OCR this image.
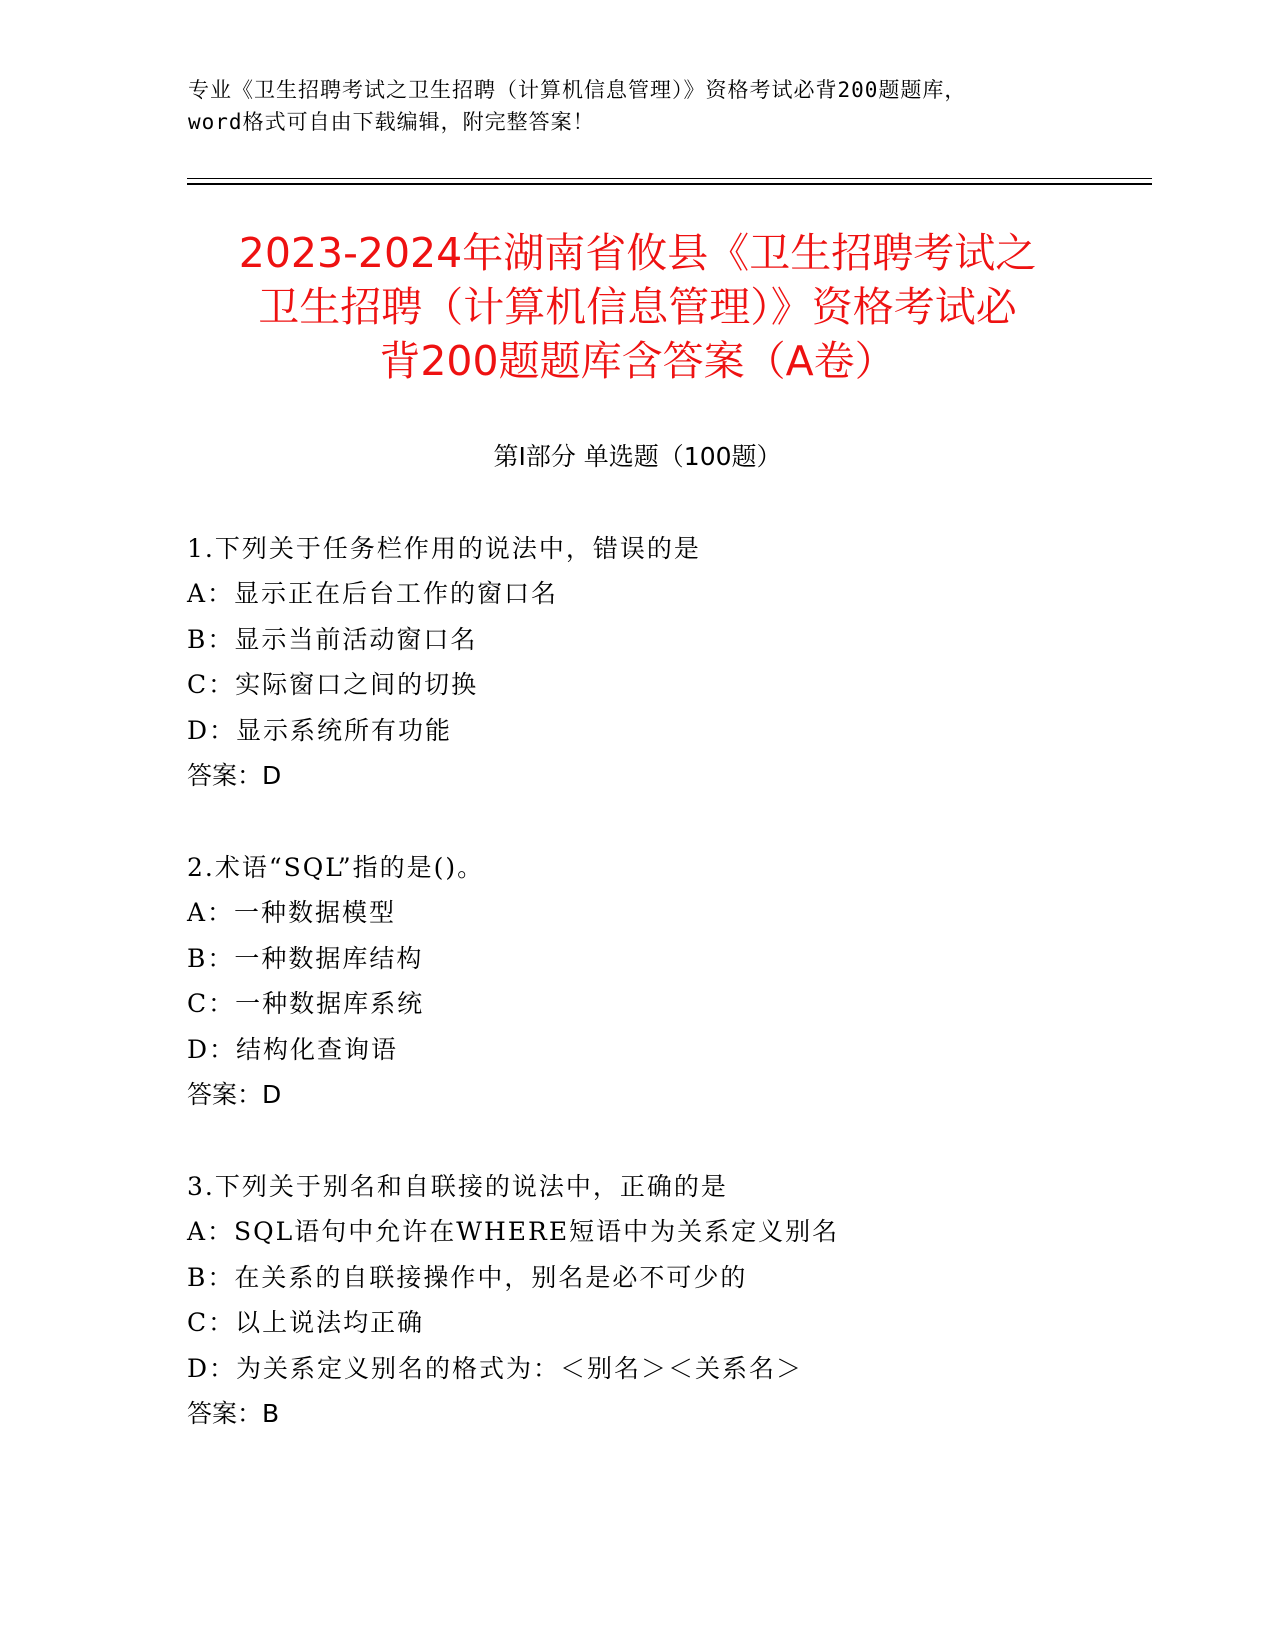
专业《卫生招聘考试之卫生招聘（计算机信息管理）》资格考试必背200题题库，
word格式可自由下载编辑，附完整答案！
2023-2024年湖南省攸县《卫生招聘考试之
卫生招聘（计算机信息管理）》资格考试必
背200题题库含答案（A卷）
第I部分 单选题（100题）
1.下列关于任务栏作用的说法中，错误的是
A：显示正在后台工作的窗口名
B：显示当前活动窗口名
C：实际窗口之间的切换
D：显示系统所有功能
答案：D
2.术语“SQL”指的是()。
A：一种数据模型
B：一种数据库结构
C：一种数据库系统
D：结构化查询语
答案：D
3.下列关于别名和自联接的说法中，正确的是
A：SQL语句中允许在WHERE短语中为关系定义别名
B：在关系的自联接操作中，别名是必不可少的
C：以上说法均正确
D：为关系定义别名的格式为：＜别名＞＜关系名＞
答案：B
